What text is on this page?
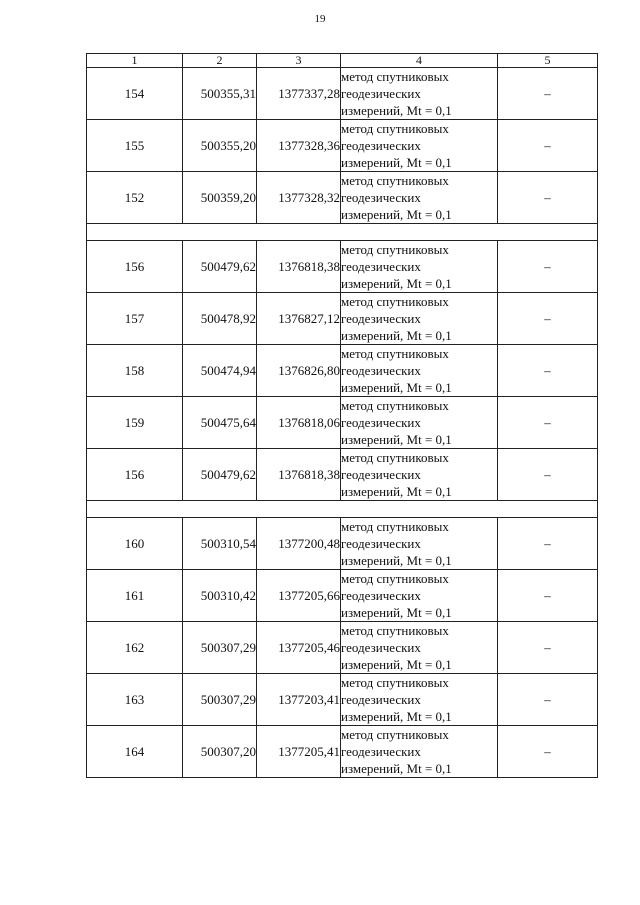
19
1	2	3	4	5
154	500355,31	1377337,28	метод спутниковых
геодезических
измерений, Mt = 0,1	–
155	500355,20	1377328,36	метод спутниковых
геодезических
измерений, Mt = 0,1	–
152	500359,20	1377328,32	метод спутниковых
геодезических
измерений, Mt = 0,1	–

156	500479,62	1376818,38	метод спутниковых
геодезических
измерений, Mt = 0,1	–
157	500478,92	1376827,12	метод спутниковых
геодезических
измерений, Mt = 0,1	–
158	500474,94	1376826,80	метод спутниковых
геодезических
измерений, Mt = 0,1	–
159	500475,64	1376818,06	метод спутниковых
геодезических
измерений, Mt = 0,1	–
156	500479,62	1376818,38	метод спутниковых
геодезических
измерений, Mt = 0,1	–

160	500310,54	1377200,48	метод спутниковых
геодезических
измерений, Mt = 0,1	–
161	500310,42	1377205,66	метод спутниковых
геодезических
измерений, Mt = 0,1	–
162	500307,29	1377205,46	метод спутниковых
геодезических
измерений, Mt = 0,1	–
163	500307,29	1377203,41	метод спутниковых
геодезических
измерений, Mt = 0,1	–
164	500307,20	1377205,41	метод спутниковых
геодезических
измерений, Mt = 0,1	–
